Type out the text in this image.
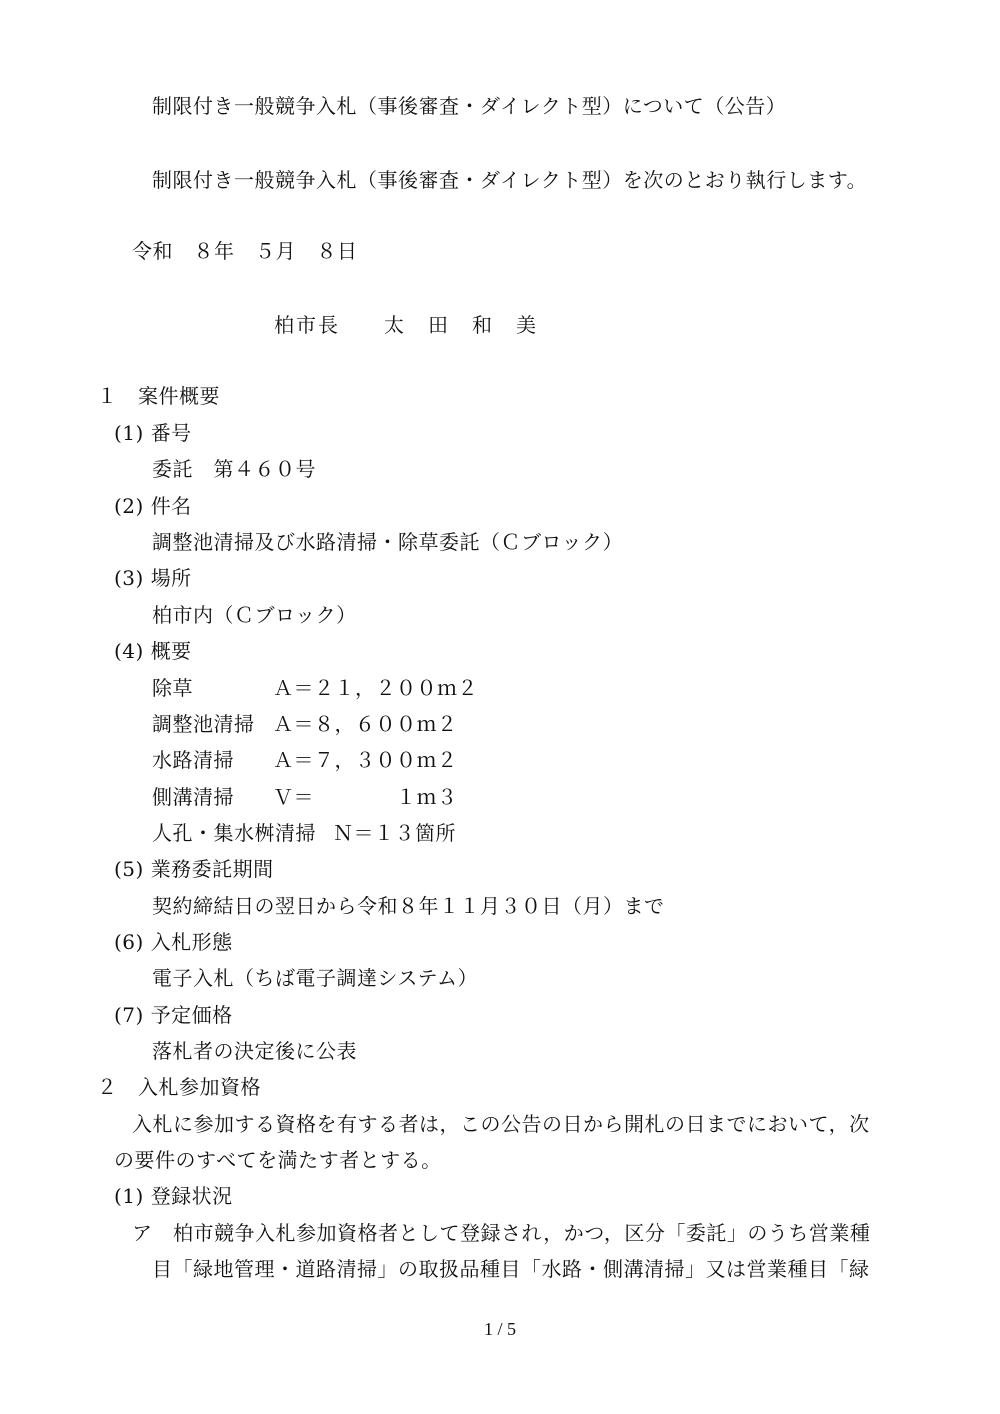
制限付き一般競争入札（事後審査・ダイレクト型）について（公告）
制限付き一般競争入札（事後審査・ダイレクト型）を次のとおり執行します。
令和　８年　５月　８日
柏市長　　太　田　和　美
１　案件概要
(1) 番号
委託　第４６０号
(2) 件名
調整池清掃及び水路清掃・除草委託（Ｃブロック）
(3) 場所
柏市内（Ｃブロック）
(4) 概要
除草	Ａ＝２１，２００ｍ２
調整池清掃 Ａ＝８，６００ｍ２
水路清掃 Ａ＝７，３００ｍ２
側溝清掃 Ｖ＝　　　　１ｍ３
人孔・集水桝清掃 Ｎ＝１３箇所
(5) 業務委託期間
契約締結日の翌日から令和８年１１月３０日（月）まで
(6) 入札形態
電子入札（ちば電子調達システム）
(7) 予定価格
落札者の決定後に公表
２　入札参加資格
入札に参加する資格を有する者は，この公告の日から開札の日までにおいて，次
の要件のすべてを満たす者とする。
(1) 登録状況
ア　柏市競争入札参加資格者として登録され，かつ，区分「委託」のうち営業種
目「緑地管理・道路清掃」の取扱品種目「水路・側溝清掃」又は営業種目「緑
1 / 5
